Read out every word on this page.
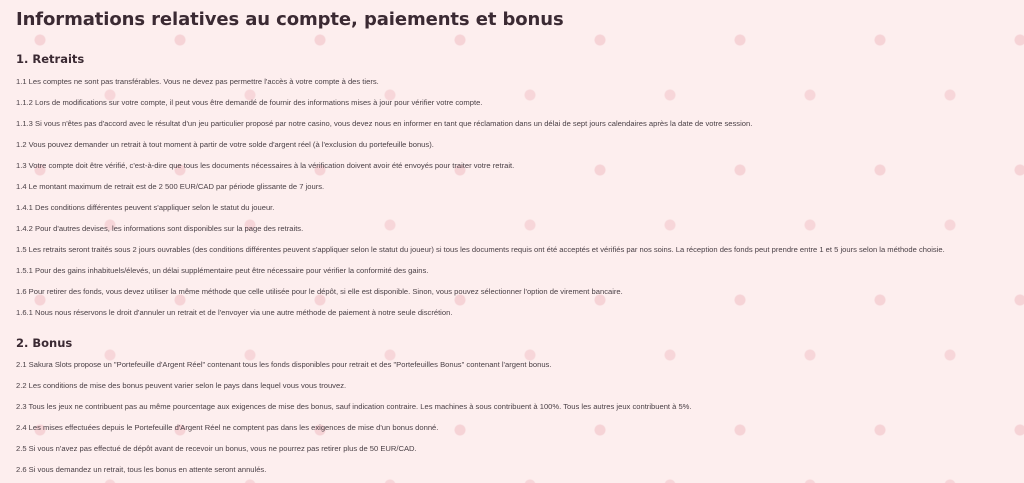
Informations relatives au compte, paiements et bonus
1. Retraits
1.1 Les comptes ne sont pas transférables. Vous ne devez pas permettre l'accès à votre compte à des tiers.
1.1.2 Lors de modifications sur votre compte, il peut vous être demandé de fournir des informations mises à jour pour vérifier votre compte.
1.1.3 Si vous n'êtes pas d'accord avec le résultat d'un jeu particulier proposé par notre casino, vous devez nous en informer en tant que réclamation dans un délai de sept jours calendaires après la date de votre session.
1.2 Vous pouvez demander un retrait à tout moment à partir de votre solde d'argent réel (à l'exclusion du portefeuille bonus).
1.3 Votre compte doit être vérifié, c'est-à-dire que tous les documents nécessaires à la vérification doivent avoir été envoyés pour traiter votre retrait.
1.4 Le montant maximum de retrait est de 2 500 EUR/CAD par période glissante de 7 jours.
1.4.1 Des conditions différentes peuvent s'appliquer selon le statut du joueur.
1.4.2 Pour d'autres devises, les informations sont disponibles sur la page des retraits.
1.5 Les retraits seront traités sous 2 jours ouvrables (des conditions différentes peuvent s'appliquer selon le statut du joueur) si tous les documents requis ont été acceptés et vérifiés par nos soins. La réception des fonds peut prendre entre 1 et 5 jours selon la méthode choisie.
1.5.1 Pour des gains inhabituels/élevés, un délai supplémentaire peut être nécessaire pour vérifier la conformité des gains.
1.6 Pour retirer des fonds, vous devez utiliser la même méthode que celle utilisée pour le dépôt, si elle est disponible. Sinon, vous pouvez sélectionner l'option de virement bancaire.
1.6.1 Nous nous réservons le droit d'annuler un retrait et de l'envoyer via une autre méthode de paiement à notre seule discrétion.
2. Bonus
2.1 Sakura Slots propose un "Portefeuille d'Argent Réel" contenant tous les fonds disponibles pour retrait et des "Portefeuilles Bonus" contenant l'argent bonus.
2.2 Les conditions de mise des bonus peuvent varier selon le pays dans lequel vous vous trouvez.
2.3 Tous les jeux ne contribuent pas au même pourcentage aux exigences de mise des bonus, sauf indication contraire. Les machines à sous contribuent à 100%. Tous les autres jeux contribuent à 5%.
2.4 Les mises effectuées depuis le Portefeuille d'Argent Réel ne comptent pas dans les exigences de mise d'un bonus donné.
2.5 Si vous n'avez pas effectué de dépôt avant de recevoir un bonus, vous ne pourrez pas retirer plus de 50 EUR/CAD.
2.6 Si vous demandez un retrait, tous les bonus en attente seront annulés.
